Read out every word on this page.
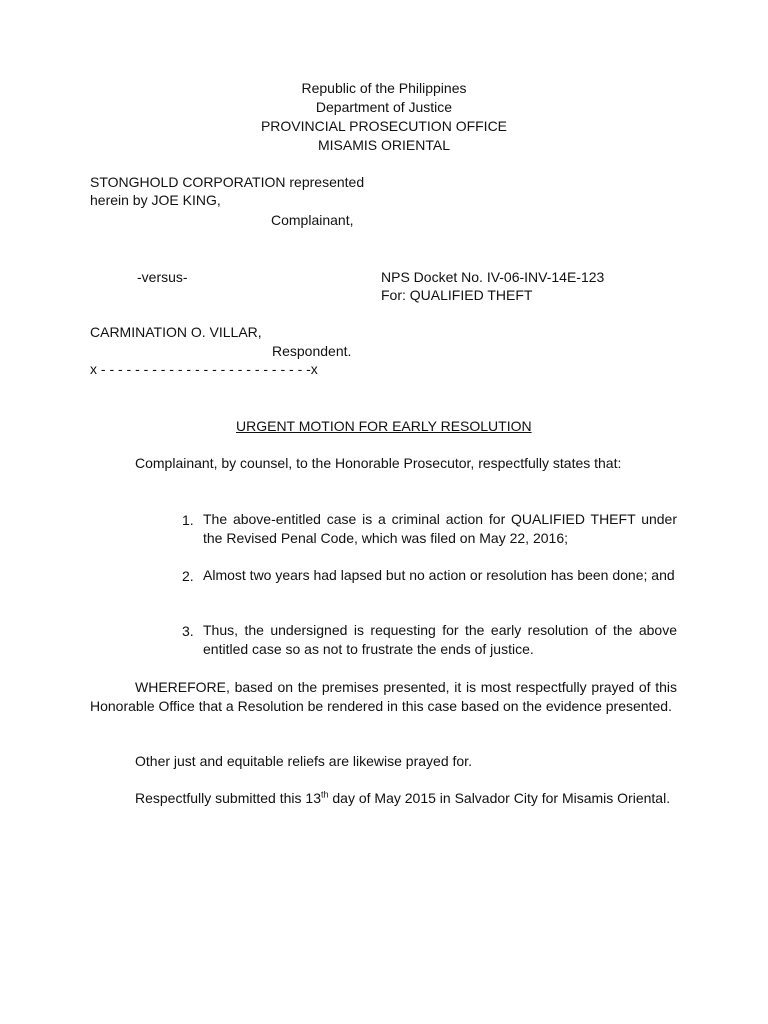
Republic of the Philippines
Department of Justice
PROVINCIAL PROSECUTION OFFICE
MISAMIS ORIENTAL
STONGHOLD CORPORATION represented
herein by JOE KING,
Complainant,
-versus-	NPS Docket No. IV-06-INV-14E-123
For: QUALIFIED THEFT
CARMINATION O. VILLAR,
Respondent.
x - - - - - - - - - - - - - - - - - - - - - - - - -x
URGENT MOTION FOR EARLY RESOLUTION
Complainant, by counsel, to the Honorable Prosecutor, respectfully states that:
1. The above-entitled case is a criminal action for QUALIFIED THEFT under the Revised Penal Code, which was filed on May 22, 2016;
2. Almost two years had lapsed but no action or resolution has been done; and
3. Thus, the undersigned is requesting for the early resolution of the above entitled case so as not to frustrate the ends of justice.
WHEREFORE, based on the premises presented, it is most respectfully prayed of this Honorable Office that a Resolution be rendered in this case based on the evidence presented.
Other just and equitable reliefs are likewise prayed for.
Respectfully submitted this 13th day of May 2015 in Salvador City for Misamis Oriental.
